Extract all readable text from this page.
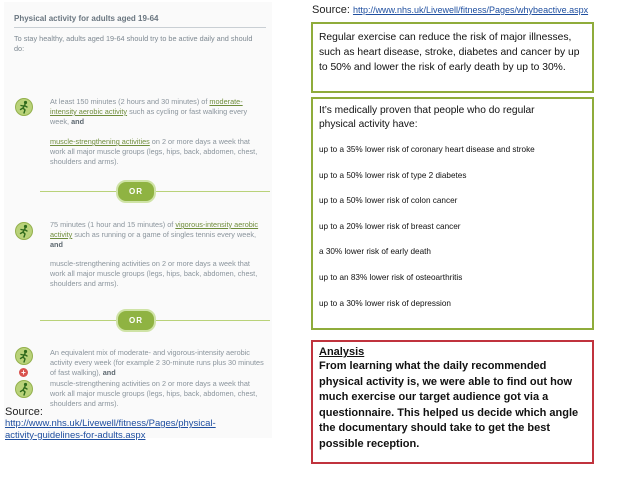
Physical activity for adults aged 19-64
To stay healthy, adults aged 19-64 should try to be active daily and should do:
At least 150 minutes (2 hours and 30 minutes) of moderate-intensity aerobic activity such as cycling or fast walking every week, and
muscle-strengthening activities on 2 or more days a week that work all major muscle groups (legs, hips, back, abdomen, chest, shoulders and arms).
OR
75 minutes (1 hour and 15 minutes) of vigorous-intensity aerobic activity such as running or a game of singles tennis every week, and
muscle-strengthening activities on 2 or more days a week that work all major muscle groups (legs, hips, back, abdomen, chest, shoulders and arms).
OR
+
An equivalent mix of moderate- and vigorous-intensity aerobic activity every week (for example 2 30-minute runs plus 30 minutes of fast walking), and
muscle-strengthening activities on 2 or more days a week that work all major muscle groups (legs, hips, back, abdomen, chest, shoulders and arms).
Source:
http://www.nhs.uk/Livewell/fitness/Pages/physical-activity-guidelines-for-adults.aspx
Source: http://www.nhs.uk/Livewell/fitness/Pages/whybeactive.aspx

Regular exercise can reduce the risk of major illnesses, such as heart disease, stroke, diabetes and cancer by up to 50% and lower the risk of early death by up to 30%.

It’s medically proven that people who do regular physical activity have:
up to a 35% lower risk of coronary heart disease and stroke
up to a 50% lower risk of type 2 diabetes
up to a 50% lower risk of colon cancer
up to a 20% lower risk of breast cancer
a 30% lower risk of early death
up to an 83% lower risk of osteoarthritis
up to a 30% lower risk of depression
Analysis
From learning what the daily recommended physical activity is, we were able to find out how much exercise our target audience got via a questionnaire. This helped us decide which angle the documentary should take to get the best possible reception.
